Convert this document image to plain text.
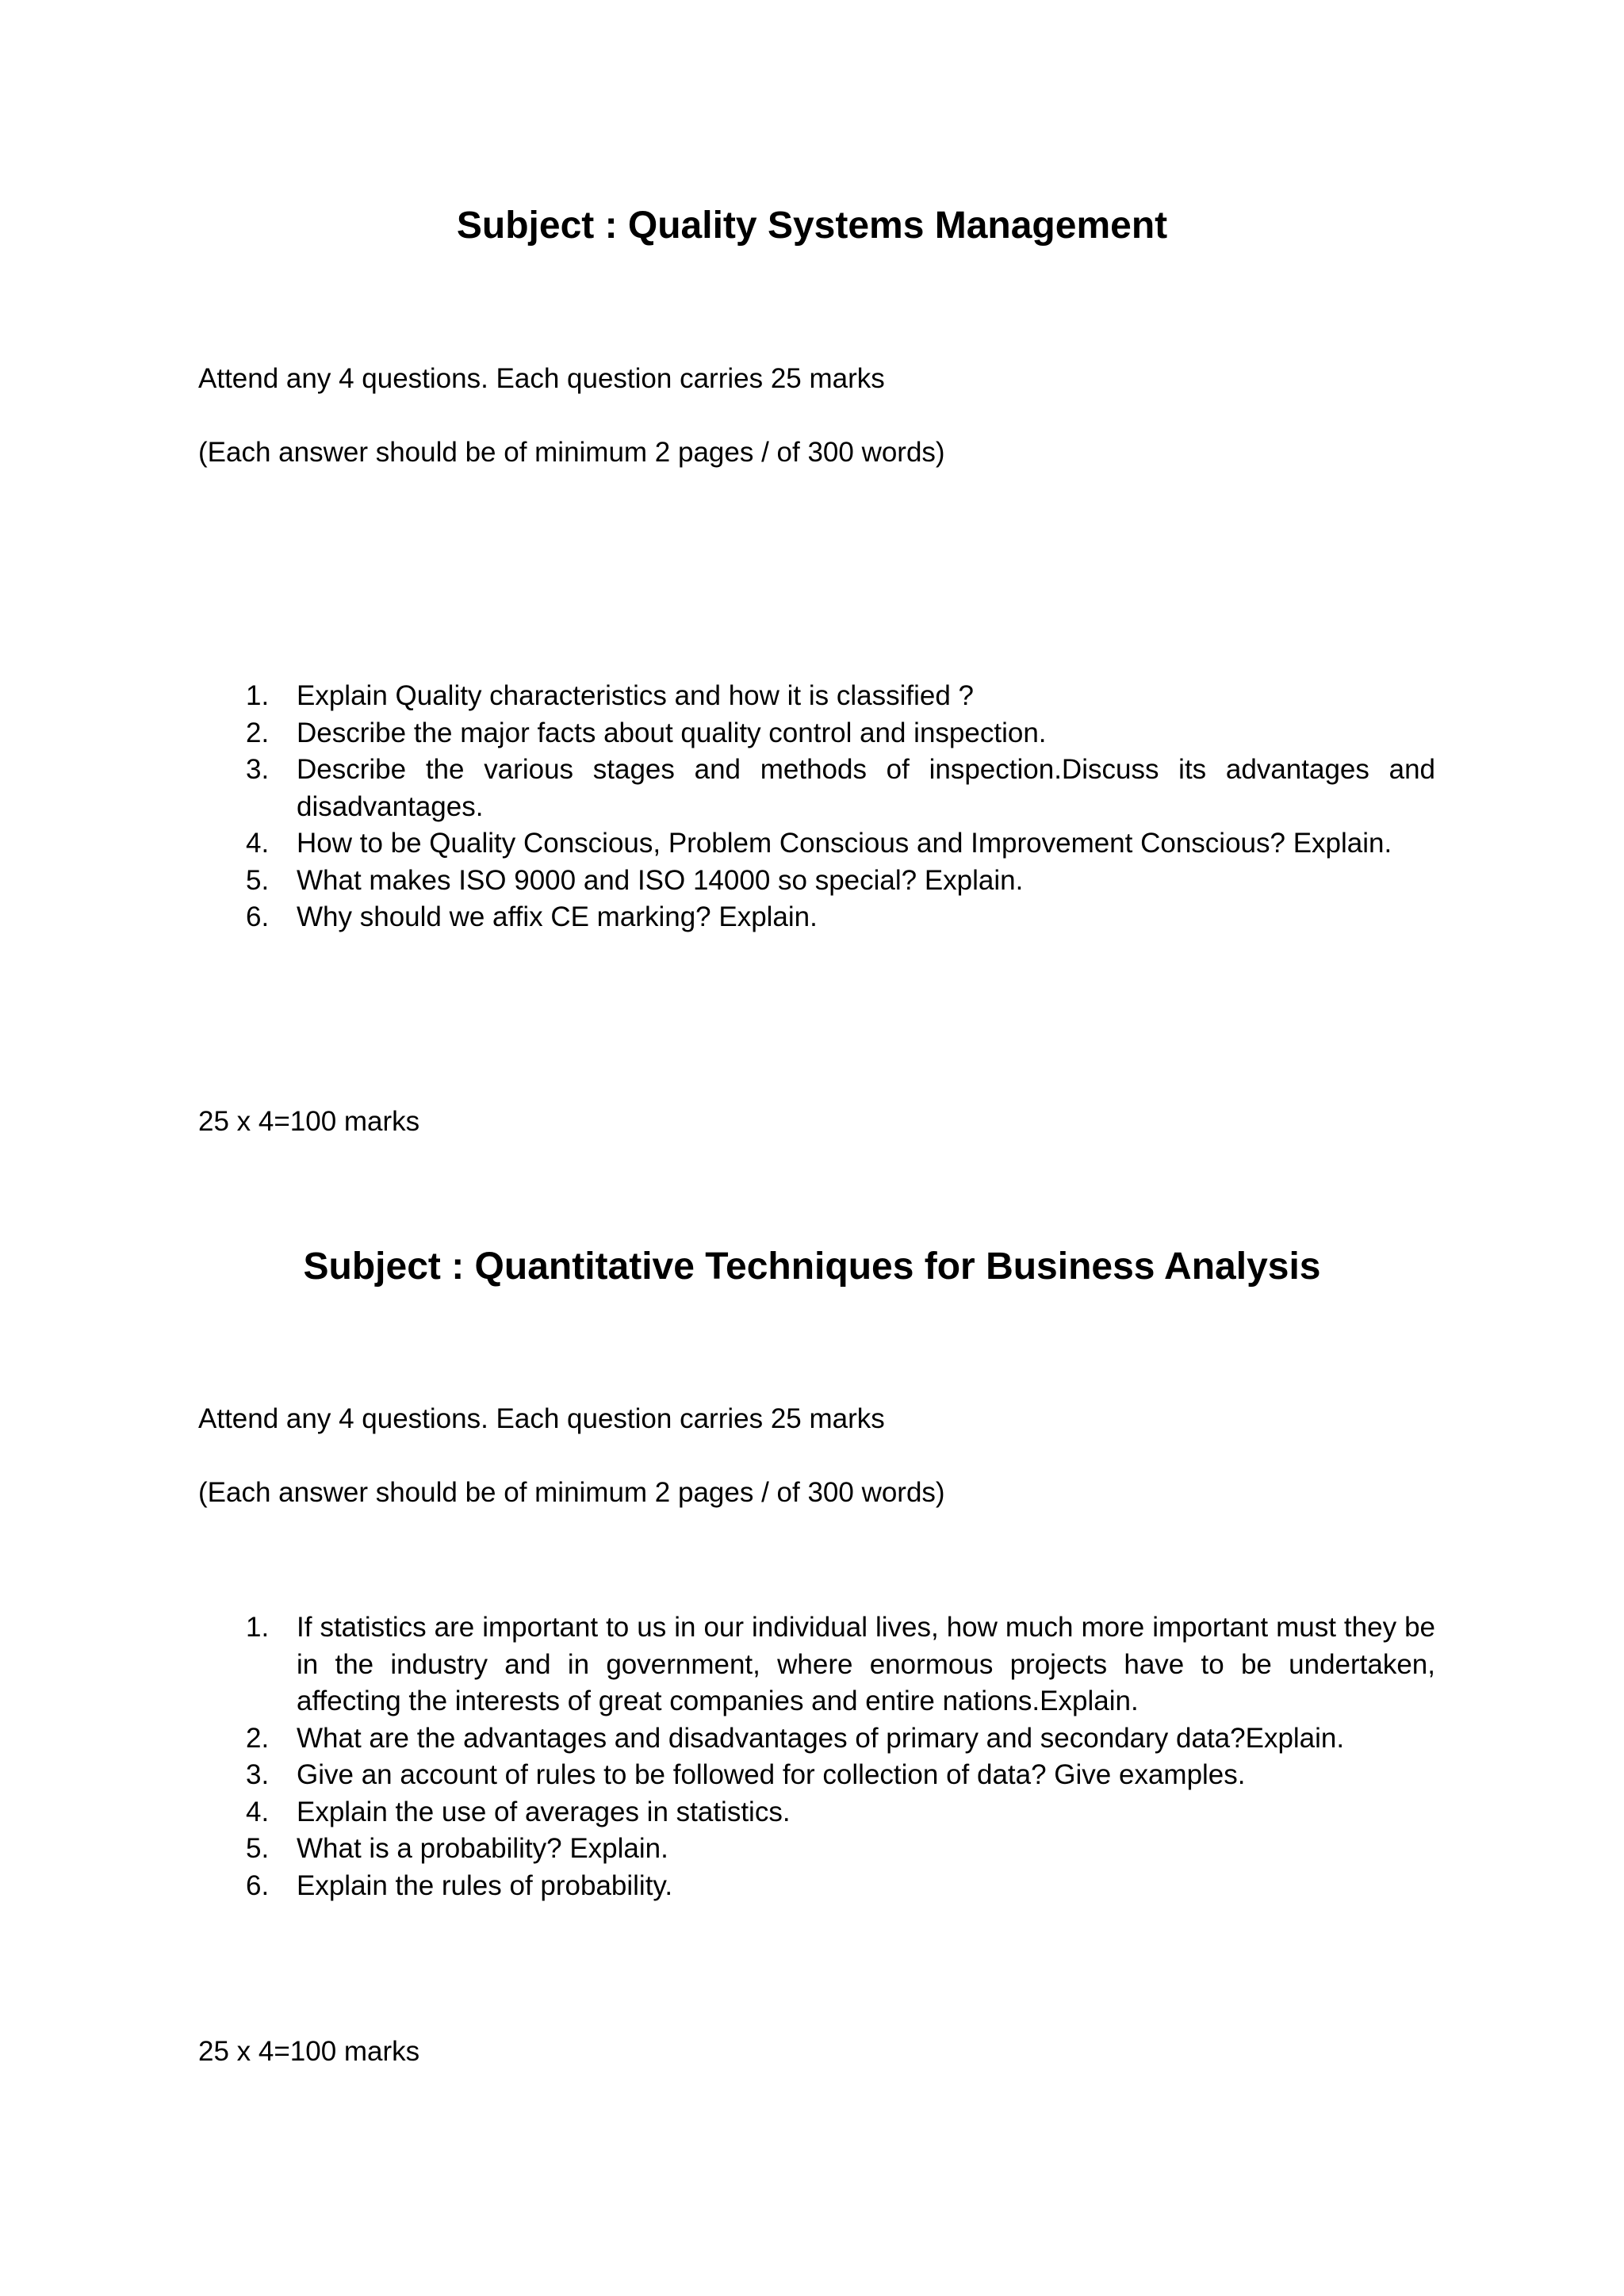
Subject : Quality Systems Management

Attend any 4 questions. Each question carries 25 marks

(Each answer should be of minimum 2 pages / of 300 words)

1. Explain Quality characteristics and how it is classified ?
2. Describe the major facts about quality control and inspection.
3. Describe the various stages and methods of inspection.Discuss its advantages and disadvantages.
4. How to be Quality Conscious, Problem Conscious and Improvement Conscious? Explain.
5. What makes ISO 9000 and ISO 14000 so special? Explain.
6. Why should we affix CE marking? Explain.

25 x 4=100 marks

Subject : Quantitative Techniques for Business Analysis

Attend any 4 questions. Each question carries 25 marks

(Each answer should be of minimum 2 pages / of 300 words)

1. If statistics are important to us in our individual lives, how much more important must they be in the industry and in government, where enormous projects have to be undertaken, affecting the interests of great companies and entire nations.Explain.
2. What are the advantages and disadvantages of primary and secondary data?Explain.
3. Give an account of rules to be followed for collection of data? Give examples.
4. Explain the use of averages in statistics.
5. What is a probability? Explain.
6. Explain the rules of probability.

25 x 4=100 marks
